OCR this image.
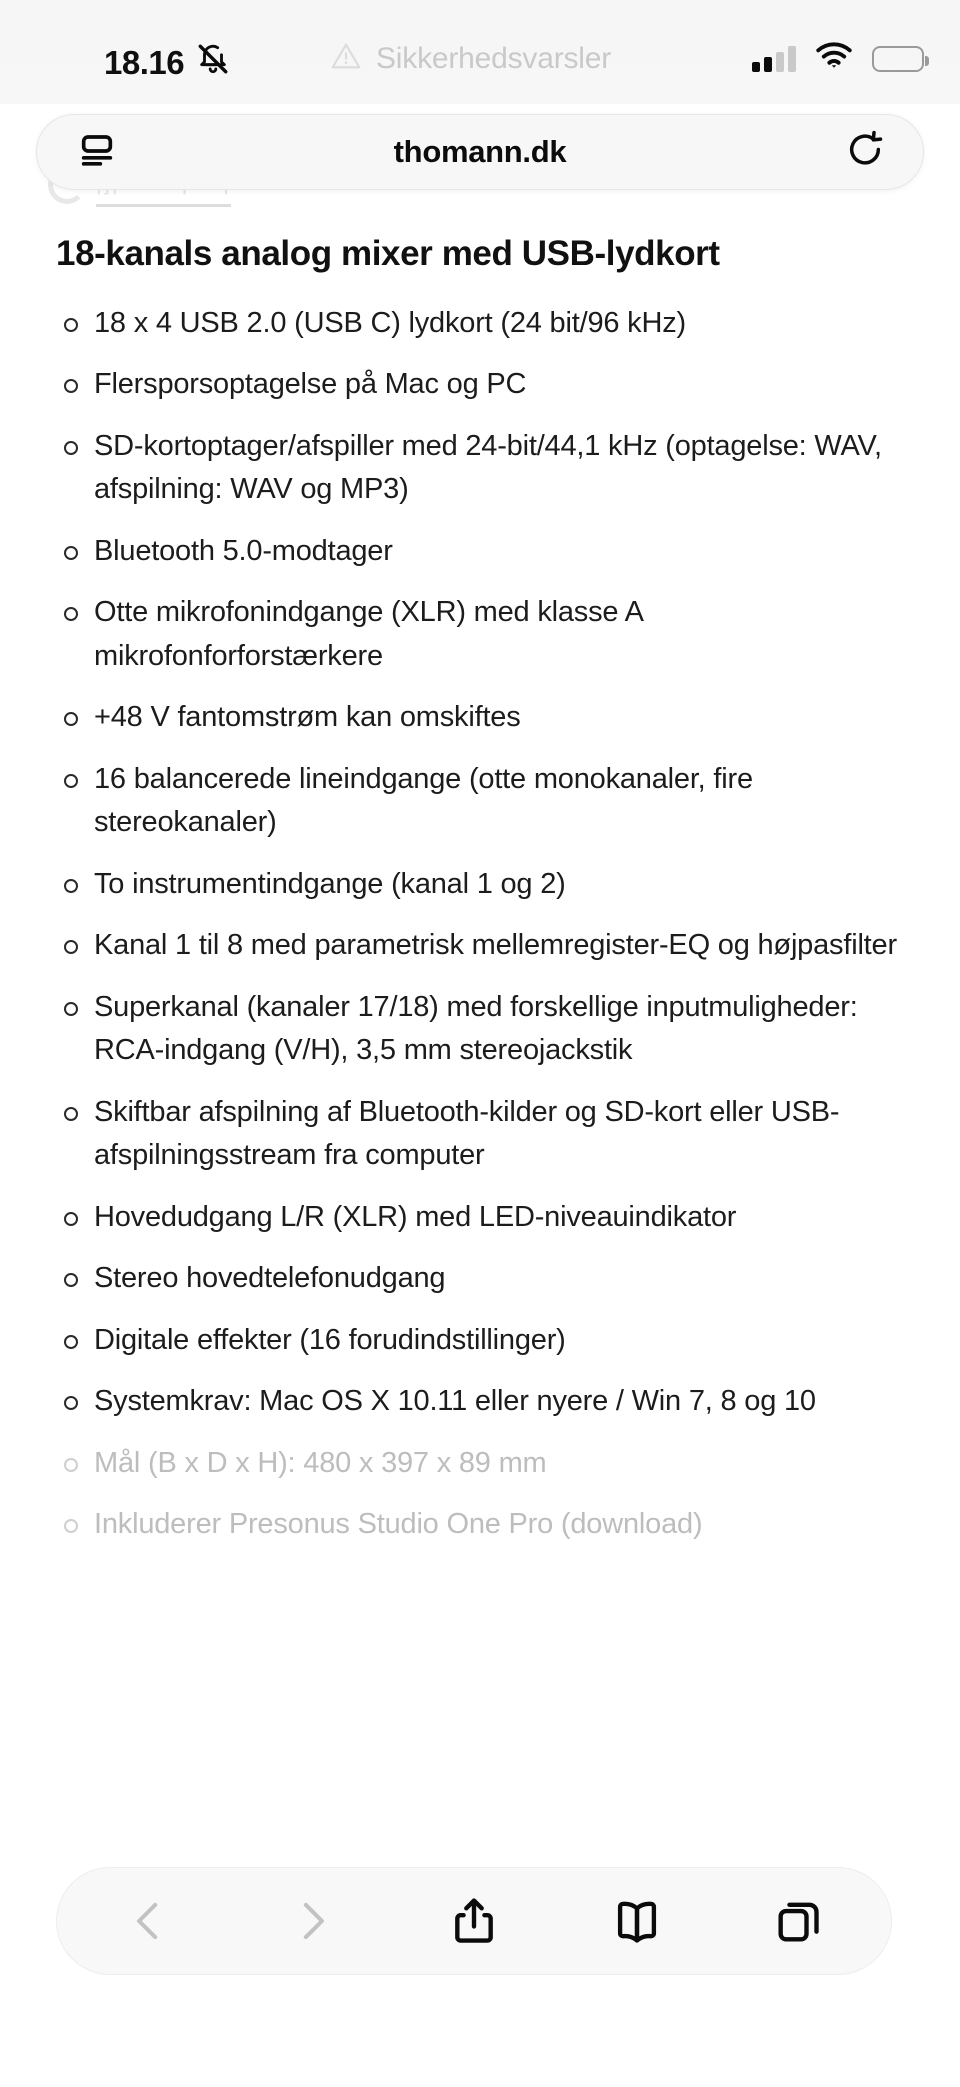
18.16	Sikkerhedsvarsler
thomann.dk
18-kanals analog mixer med USB-lydkort
18 x 4 USB 2.0 (USB C) lydkort (24 bit/96 kHz)
Flersporsoptagelse på Mac og PC
SD-kortoptager/afspiller med 24-bit/44,1 kHz (optagelse: WAV, afspilning: WAV og MP3)
Bluetooth 5.0-modtager
Otte mikrofonindgange (XLR) med klasse A mikrofonforforstærkere
+48 V fantomstrøm kan omskiftes
16 balancerede lineindgange (otte monokanaler, fire stereokanaler)
To instrumentindgange (kanal 1 og 2)
Kanal 1 til 8 med parametrisk mellemregister-EQ og højpasfilter
Superkanal (kanaler 17/18) med forskellige inputmuligheder: RCA-indgang (V/H), 3,5 mm stereojackstik
Skiftbar afspilning af Bluetooth-kilder og SD-kort eller USB-afspilningsstream fra computer
Hovedudgang L/R (XLR) med LED-niveauindikator
Stereo hovedtelefonudgang
Digitale effekter (16 forudindstillinger)
Systemkrav: Mac OS X 10.11 eller nyere / Win 7, 8 og 10
Mål (B x D x H): 480 x 397 x 89 mm
Inkluderer Presonus Studio One Pro (download)
